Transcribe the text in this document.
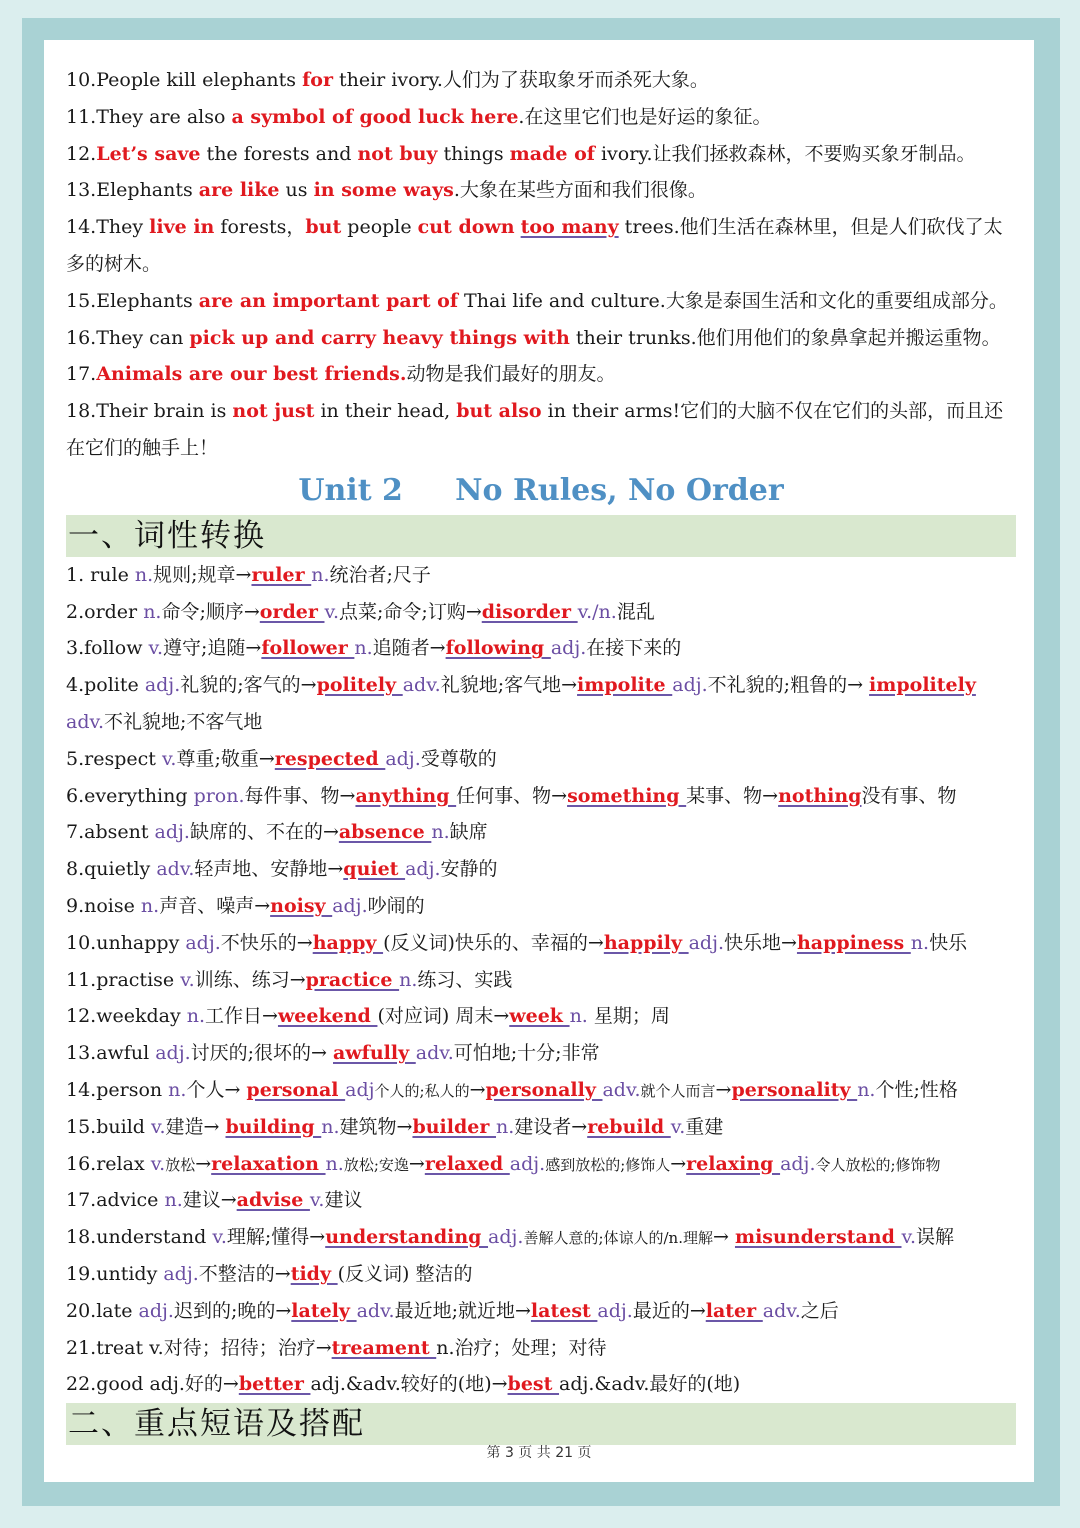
10.People kill elephants for their ivory.人们为了获取象牙而杀死大象。
11.They are also a symbol of good luck here.在这里它们也是好运的象征。
12.Let’s save the forests and not buy things made of ivory.让我们拯救森林，不要购买象牙制品。
13.Elephants are like us in some ways.大象在某些方面和我们很像。
14.They live in forests，but people cut down too many trees.他们生活在森林里，但是人们砍伐了太多的树木。
15.Elephants are an important part of Thai life and culture.大象是泰国生活和文化的重要组成部分。
16.They can pick up and carry heavy things with their trunks.他们用他们的象鼻拿起并搬运重物。
17.Animals are our best friends.动物是我们最好的朋友。
18.Their brain is not just in their head, but also in their arms!它们的大脑不仅在它们的头部，而且还在它们的触手上！
Unit 2     No Rules, No Order
一、词性转换
1. rule n.规则;规章→ruler n.统治者;尺子
2.order n.命令;顺序→order v.点菜;命令;订购→disorder v./n.混乱
3.follow v.遵守;追随→follower n.追随者→following adj.在接下来的
4.polite adj.礼貌的;客气的→politely adv.礼貌地;客气地→impolite adj.不礼貌的;粗鲁的→ impolitely adv.不礼貌地;不客气地
5.respect v.尊重;敬重→respected adj.受尊敬的
6.everything pron.每件事、物→anything 任何事、物→something 某事、物→nothing没有事、物
7.absent adj.缺席的、不在的→absence n.缺席
8.quietly adv.轻声地、安静地→quiet adj.安静的
9.noise n.声音、噪声→noisy adj.吵闹的
10.unhappy adj.不快乐的→happy (反义词)快乐的、幸福的→happily adj.快乐地→happiness n.快乐
11.practise v.训练、练习→practice n.练习、实践
12.weekday n.工作日→weekend (对应词) 周末→week n. 星期；周
13.awful adj.讨厌的;很坏的→ awfully adv.可怕地;十分;非常
14.person n.个人→ personal adj个人的;私人的→personally adv.就个人而言→personality n.个性;性格
15.build v.建造→ building n.建筑物→builder n.建设者→rebuild v.重建
16.relax v.放松→relaxation n.放松;安逸→relaxed adj.感到放松的;修饰人→relaxing adj.令人放松的;修饰物
17.advice n.建议→advise v.建议
18.understand v.理解;懂得→understanding adj.善解人意的;体谅人的/n.理解→ misunderstand v.误解
19.untidy adj.不整洁的→tidy (反义词) 整洁的
20.late adj.迟到的;晚的→lately adv.最近地;就近地→latest adj.最近的→later adv.之后
21.treat v.对待；招待；治疗→treament n.治疗；处理；对待
22.good adj.好的→better adj.&adv.较好的(地)→best adj.&adv.最好的(地)
二、重点短语及搭配
第 3 页 共 21 页
